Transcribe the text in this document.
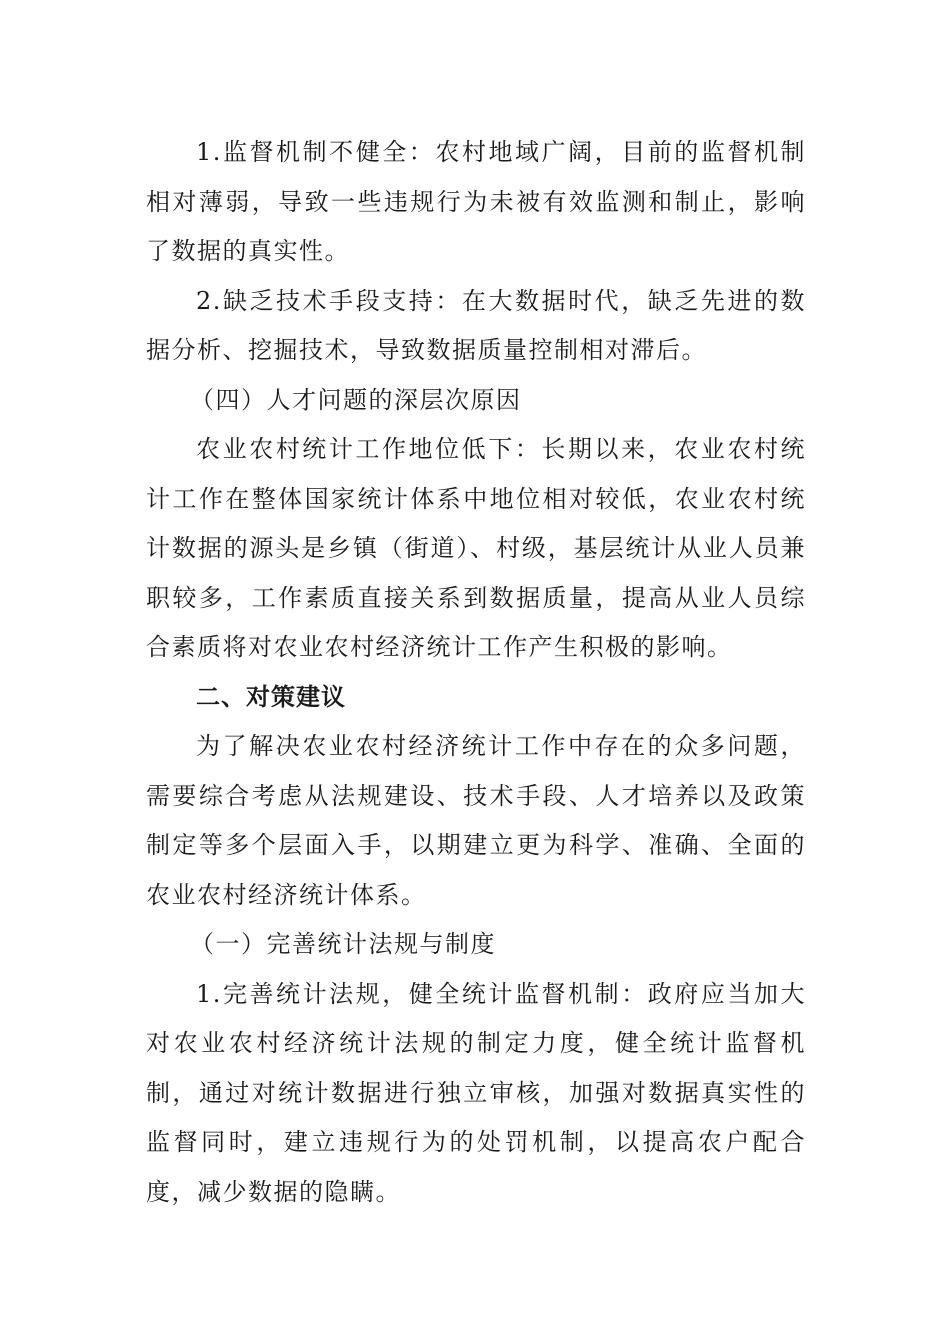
1.监督机制不健全：农村地域广阔，目前的监督机制相对薄弱，导致一些违规行为未被有效监测和制止，影响了数据的真实性。

2.缺乏技术手段支持：在大数据时代，缺乏先进的数据分析、挖掘技术，导致数据质量控制相对滞后。

（四）人才问题的深层次原因

农业农村统计工作地位低下：长期以来，农业农村统计工作在整体国家统计体系中地位相对较低，农业农村统计数据的源头是乡镇（街道）、村级，基层统计从业人员兼职较多，工作素质直接关系到数据质量，提高从业人员综合素质将对农业农村经济统计工作产生积极的影响。

二、对策建议

为了解决农业农村经济统计工作中存在的众多问题，需要综合考虑从法规建设、技术手段、人才培养以及政策制定等多个层面入手，以期建立更为科学、准确、全面的农业农村经济统计体系。

（一）完善统计法规与制度

1.完善统计法规，健全统计监督机制：政府应当加大对农业农村经济统计法规的制定力度，健全统计监督机制，通过对统计数据进行独立审核，加强对数据真实性的监督同时，建立违规行为的处罚机制，以提高农户配合度，减少数据的隐瞒。
